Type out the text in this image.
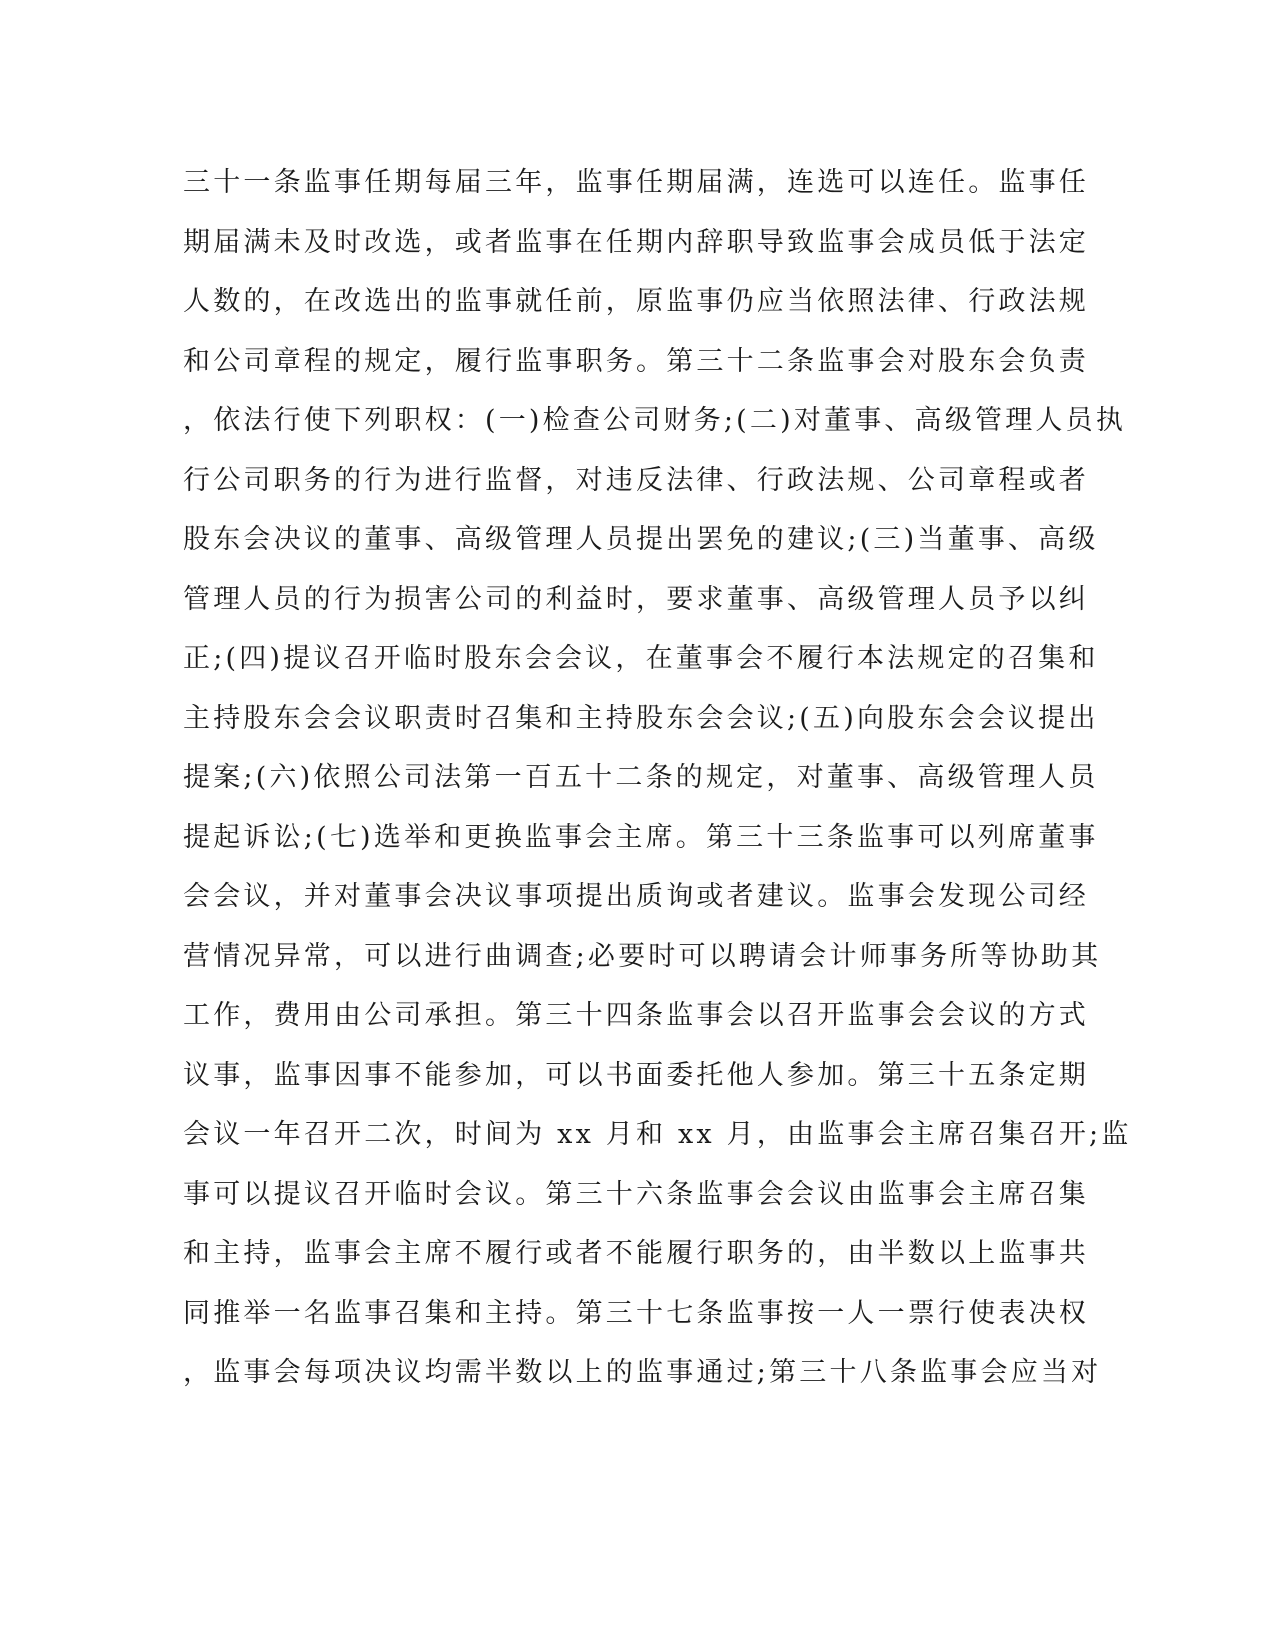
三十一条监事任期每届三年，监事任期届满，连选可以连任。监事任
期届满未及时改选，或者监事在任期内辞职导致监事会成员低于法定
人数的，在改选出的监事就任前，原监事仍应当依照法律、行政法规
和公司章程的规定，履行监事职务。第三十二条监事会对股东会负责
，依法行使下列职权：(一)检查公司财务;(二)对董事、高级管理人员执
行公司职务的行为进行监督，对违反法律、行政法规、公司章程或者
股东会决议的董事、高级管理人员提出罢免的建议;(三)当董事、高级
管理人员的行为损害公司的利益时，要求董事、高级管理人员予以纠
正;(四)提议召开临时股东会会议，在董事会不履行本法规定的召集和
主持股东会会议职责时召集和主持股东会会议;(五)向股东会会议提出
提案;(六)依照公司法第一百五十二条的规定，对董事、高级管理人员
提起诉讼;(七)选举和更换监事会主席。第三十三条监事可以列席董事
会会议，并对董事会决议事项提出质询或者建议。监事会发现公司经
营情况异常，可以进行曲调查;必要时可以聘请会计师事务所等协助其
工作，费用由公司承担。第三十四条监事会以召开监事会会议的方式
议事，监事因事不能参加，可以书面委托他人参加。第三十五条定期
会议一年召开二次，时间为 xx 月和 xx 月，由监事会主席召集召开;监
事可以提议召开临时会议。第三十六条监事会会议由监事会主席召集
和主持，监事会主席不履行或者不能履行职务的，由半数以上监事共
同推举一名监事召集和主持。第三十七条监事按一人一票行使表决权
，监事会每项决议均需半数以上的监事通过;第三十八条监事会应当对
